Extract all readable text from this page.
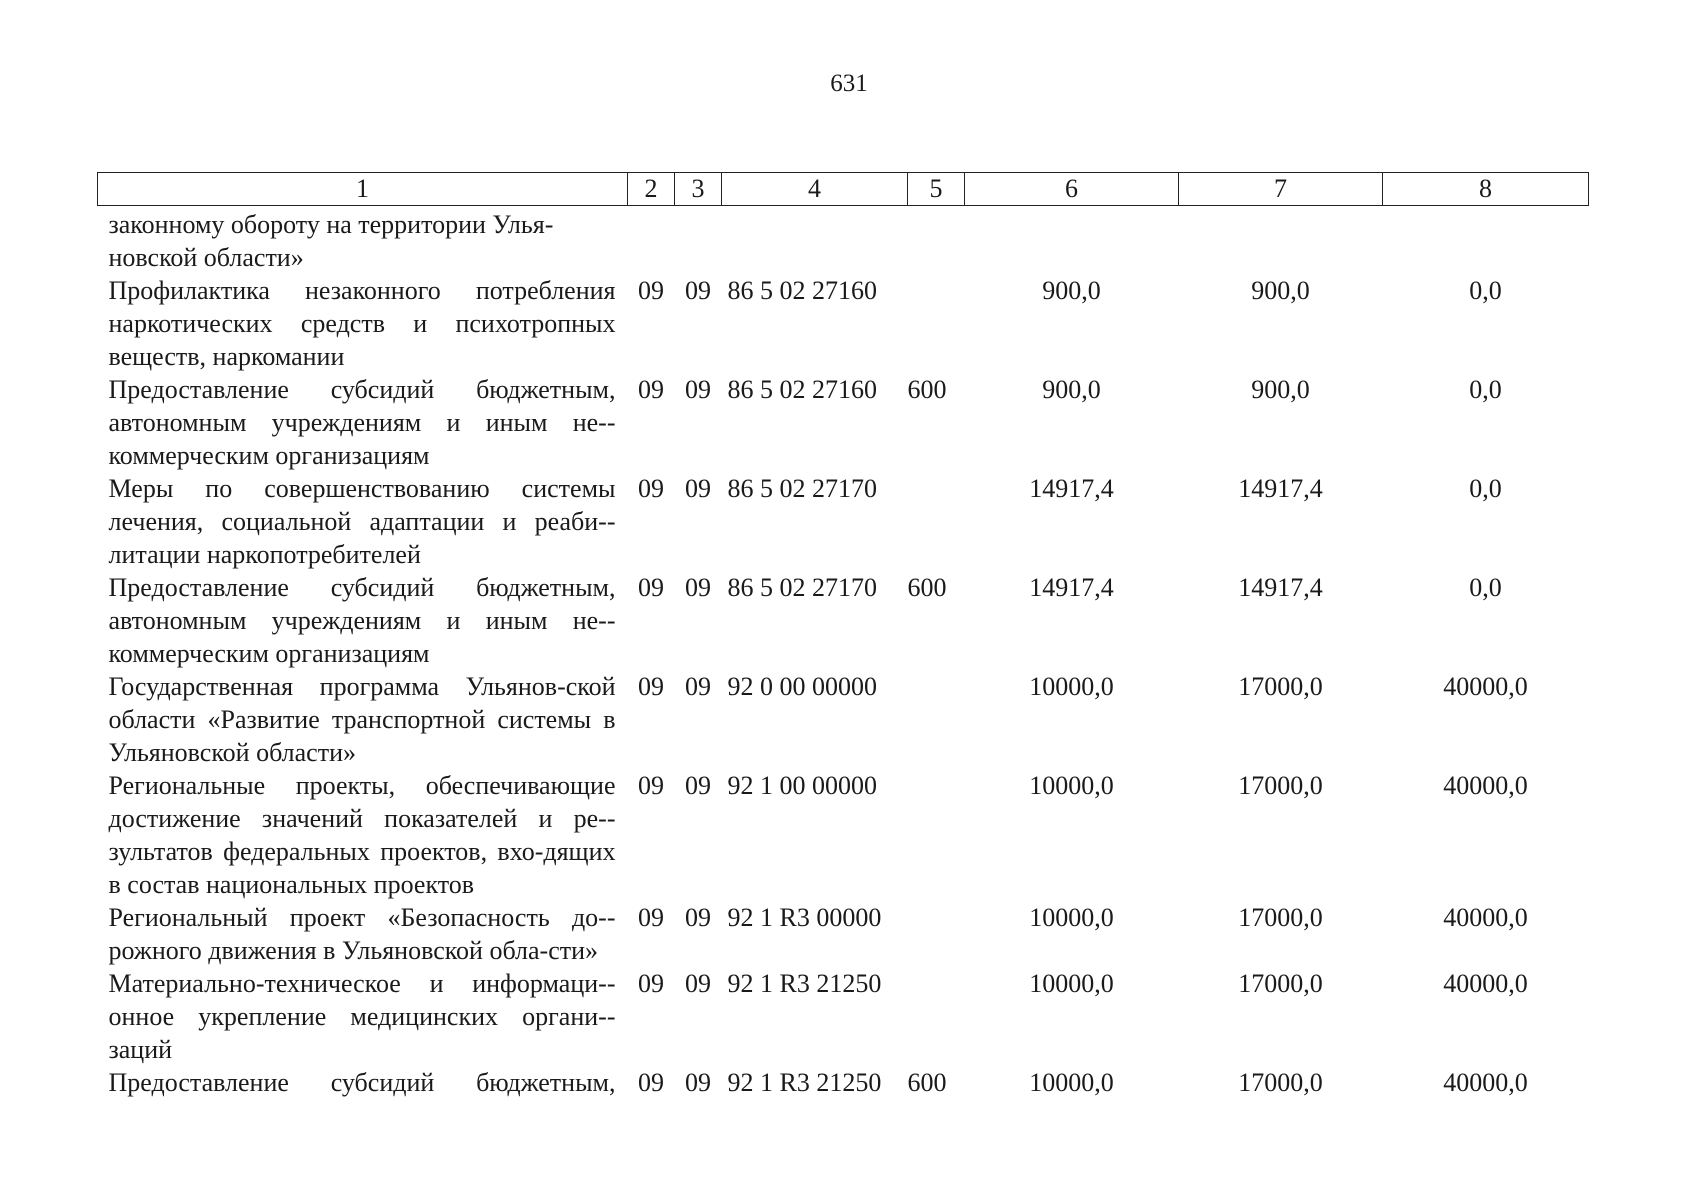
631
1	2	3	4	5	6	7	8
законному обороту на территории Улья-
новской области»							
Профилактика незаконного потребления наркотических средств и психотропных веществ, наркомании	09	09	86 5 02 27160		900,0	900,0	0,0
Предоставление субсидий бюджетным, автономным учреждениям и иным не-коммерческим организациям	09	09	86 5 02 27160	600	900,0	900,0	0,0
Меры по совершенствованию системы лечения, социальной адаптации и реаби-литации наркопотребителей	09	09	86 5 02 27170		14917,4	14917,4	0,0
Предоставление субсидий бюджетным, автономным учреждениям и иным не-коммерческим организациям	09	09	86 5 02 27170	600	14917,4	14917,4	0,0
Государственная программа Ульянов-ской области «Развитие транспортной системы в Ульяновской области»	09	09	92 0 00 00000		10000,0	17000,0	40000,0
Региональные проекты, обеспечивающие достижение значений показателей и ре-зультатов федеральных проектов, вхо-дящих в состав национальных проектов	09	09	92 1 00 00000		10000,0	17000,0	40000,0
Региональный проект «Безопасность до-рожного движения в Ульяновской обла-сти»	09	09	92 1 R3 00000		10000,0	17000,0	40000,0
Материально-техническое и информаци-онное укрепление медицинских органи-заций	09	09	92 1 R3 21250		10000,0	17000,0	40000,0
Предоставление субсидий бюджетным,	09	09	92 1 R3 21250	600	10000,0	17000,0	40000,0
